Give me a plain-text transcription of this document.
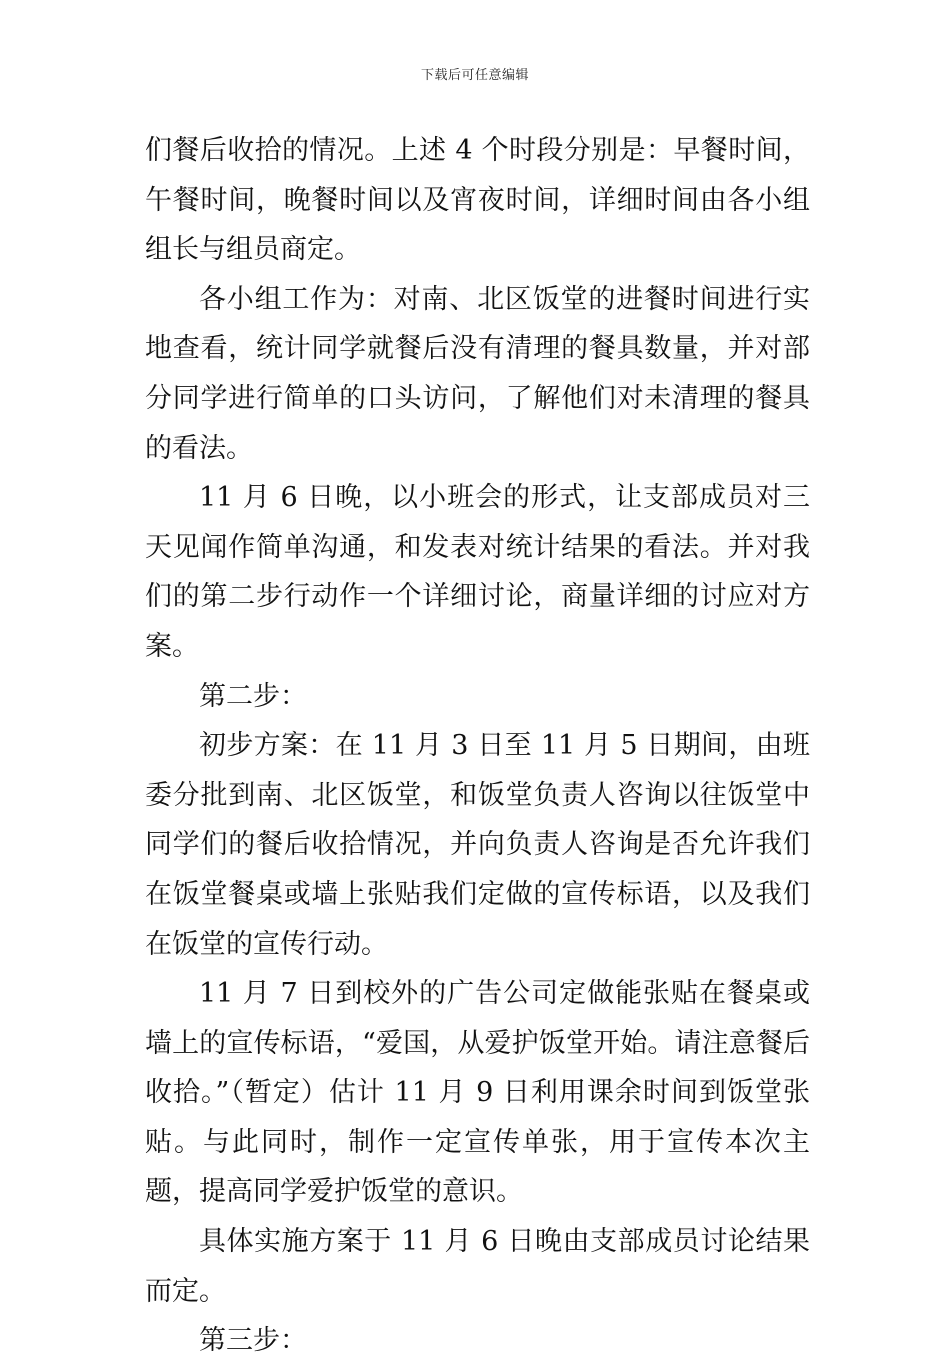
下载后可任意编辑

们餐后收拾的情况。上述 4 个时段分别是：早餐时间，午餐时间，晚餐时间以及宵夜时间，详细时间由各小组组长与组员商定。

各小组工作为：对南、北区饭堂的进餐时间进行实地查看，统计同学就餐后没有清理的餐具数量，并对部分同学进行简单的口头访问，了解他们对未清理的餐具的看法。

11 月 6 日晚，以小班会的形式，让支部成员对三天见闻作简单沟通，和发表对统计结果的看法。并对我们的第二步行动作一个详细讨论，商量详细的讨应对方案。

第二步：

初步方案：在 11 月 3 日至 11 月 5 日期间，由班委分批到南、北区饭堂，和饭堂负责人咨询以往饭堂中同学们的餐后收拾情况，并向负责人咨询是否允许我们在饭堂餐桌或墙上张贴我们定做的宣传标语，以及我们在饭堂的宣传行动。

11 月 7 日到校外的广告公司定做能张贴在餐桌或墙上的宣传标语，“爱国，从爱护饭堂开始。请注意餐后收拾。”（暂定）估计 11 月 9 日利用课余时间到饭堂张贴。与此同时，制作一定宣传单张，用于宣传本次主题，提高同学爱护饭堂的意识。

具体实施方案于 11 月 6 日晚由支部成员讨论结果而定。

第三步：
